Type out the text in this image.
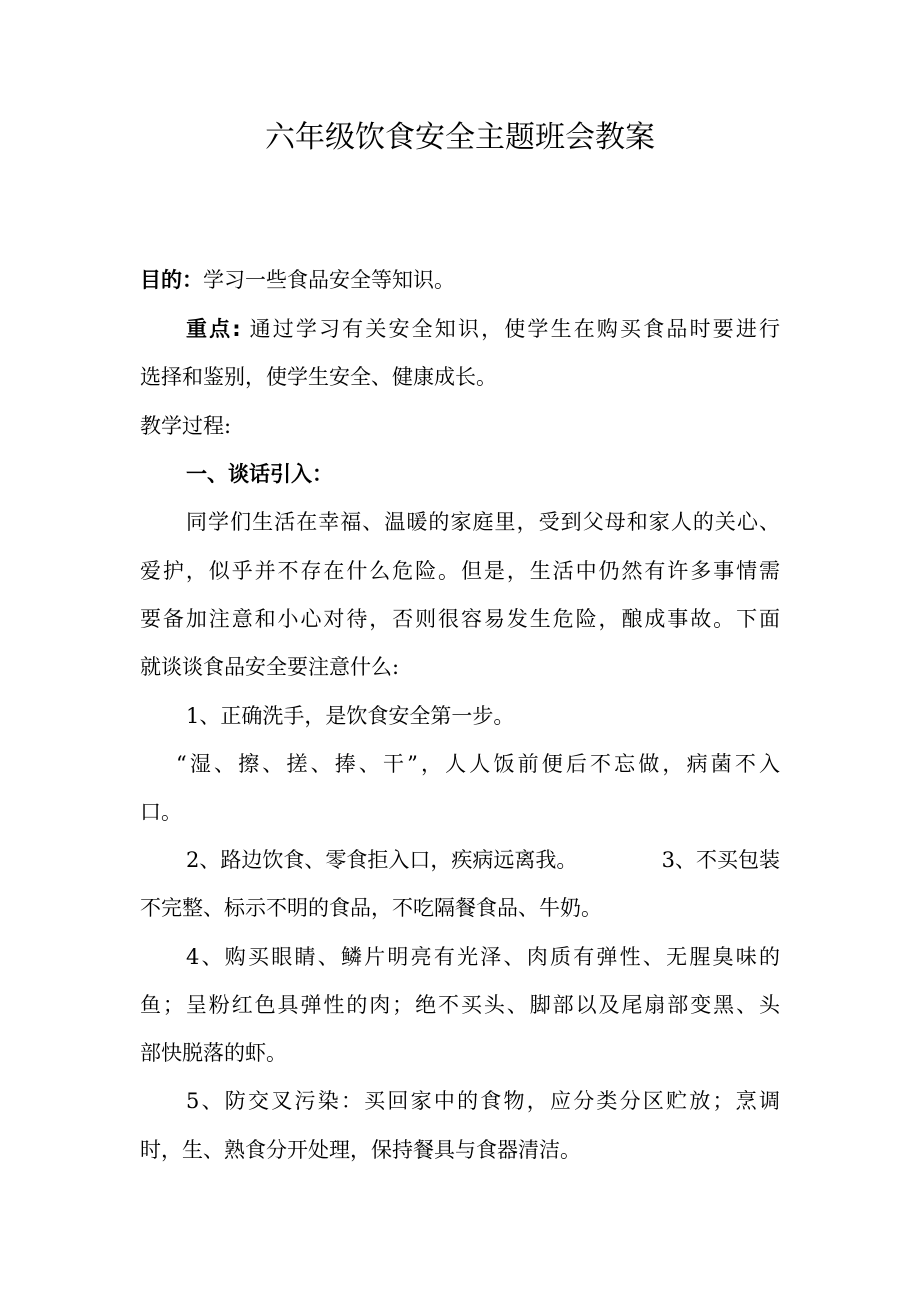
六年级饮食安全主题班会教案
目的：学习一些食品安全等知识。
重点: 通过学习有关安全知识，使学生在购买食品时要进行
选择和鉴别，使学生安全、健康成长。
教学过程:
一、谈话引入：
同学们生活在幸福、温暖的家庭里，受到父母和家人的关心、
爱护，似乎并不存在什么危险。但是，生活中仍然有许多事情需
要备加注意和小心对待，否则很容易发生危险，酿成事故。下面
就谈谈食品安全要注意什么:
1、正确洗手，是饮食安全第一步。
“湿、擦、搓、捧、干”，人人饭前便后不忘做，病菌不入
口。
2、路边饮食、零食拒入口，疾病远离我。	3、不买包装
不完整、标示不明的食品，不吃隔餐食品、牛奶。
4、购买眼睛、鳞片明亮有光泽、肉质有弹性、无腥臭味的
鱼；呈粉红色具弹性的肉；绝不买头、脚部以及尾扇部变黑、头
部快脱落的虾。
5、防交叉污染：买回家中的食物，应分类分区贮放；烹调
时，生、熟食分开处理，保持餐具与食器清洁。
